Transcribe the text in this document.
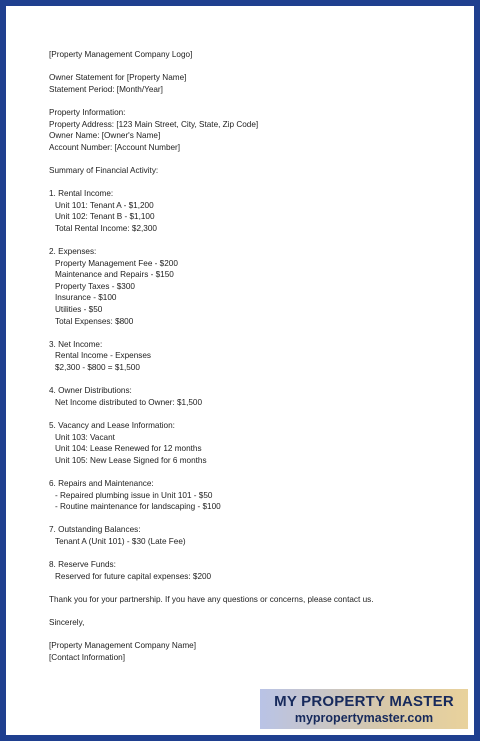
[Property Management Company Logo]
Owner Statement for [Property Name]
Statement Period: [Month/Year]
Property Information:
Property Address: [123 Main Street, City, State, Zip Code]
Owner Name: [Owner's Name]
Account Number: [Account Number]
Summary of Financial Activity:
1. Rental Income:
Unit 101: Tenant A - $1,200
Unit 102: Tenant B - $1,100
Total Rental Income: $2,300
2. Expenses:
Property Management Fee - $200
Maintenance and Repairs - $150
Property Taxes - $300
Insurance - $100
Utilities - $50
Total Expenses: $800
3. Net Income:
Rental Income - Expenses
$2,300 - $800 = $1,500
4. Owner Distributions:
Net Income distributed to Owner: $1,500
5. Vacancy and Lease Information:
Unit 103: Vacant
Unit 104: Lease Renewed for 12 months
Unit 105: New Lease Signed for 6 months
6. Repairs and Maintenance:
- Repaired plumbing issue in Unit 101 - $50
- Routine maintenance for landscaping - $100
7. Outstanding Balances:
Tenant A (Unit 101) - $30 (Late Fee)
8. Reserve Funds:
Reserved for future capital expenses: $200
Thank you for your partnership. If you have any questions or concerns, please contact us.
Sincerely,
[Property Management Company Name]
[Contact Information]
MY PROPERTY MASTER
mypropertymaster.com
